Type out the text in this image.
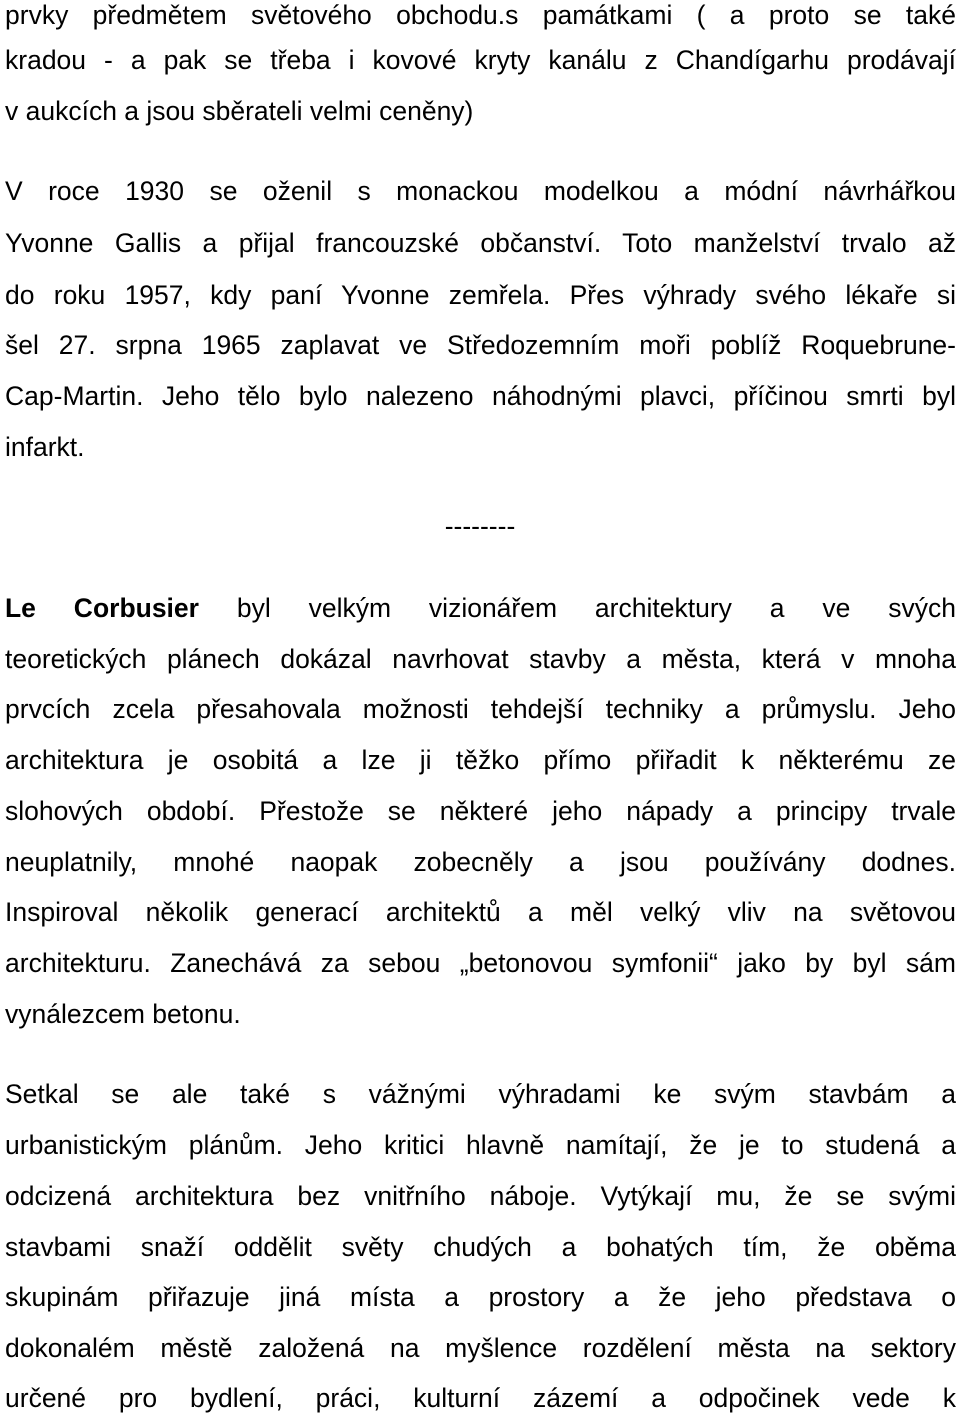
prvky předmětem světového obchodu.s památkami ( a proto se také
kradou - a pak se třeba i kovové kryty kanálu z Chandígarhu prodávají
v aukcích a jsou sběrateli velmi ceněny)
V roce 1930 se oženil s monackou modelkou a módní návrhářkou
Yvonne Gallis a přijal francouzské občanství. Toto manželství trvalo až
do roku 1957, kdy paní Yvonne zemřela. Přes výhrady svého lékaře si
šel 27. srpna 1965 zaplavat ve Středozemním moři poblíž Roquebrune-
Cap-Martin. Jeho tělo bylo nalezeno náhodnými plavci, příčinou smrti byl
infarkt.
--------
Le Corbusier byl velkým vizionářem architektury a ve svých
teoretických plánech dokázal navrhovat stavby a města, která v mnoha
prvcích zcela přesahovala možnosti tehdejší techniky a průmyslu. Jeho
architektura je osobitá a lze ji těžko přímo přiřadit k některému ze
slohových období. Přestože se některé jeho nápady a principy trvale
neuplatnily, mnohé naopak zobecněly a jsou používány dodnes.
Inspiroval několik generací architektů a měl velký vliv na světovou
architekturu. Zanechává za sebou „betonovou symfonii“ jako by byl sám
vynálezcem betonu.
Setkal se ale také s vážnými výhradami ke svým stavbám a
urbanistickým plánům. Jeho kritici hlavně namítají, že je to studená a
odcizená architektura bez vnitřního náboje. Vytýkají mu, že se svými
stavbami snaží oddělit světy chudých a bohatých tím, že oběma
skupinám přiřazuje jiná místa a prostory a že jeho představa o
dokonalém městě založená na myšlence rozdělení města na sektory
určené pro bydlení, práci, kulturní zázemí a odpočinek vede k
